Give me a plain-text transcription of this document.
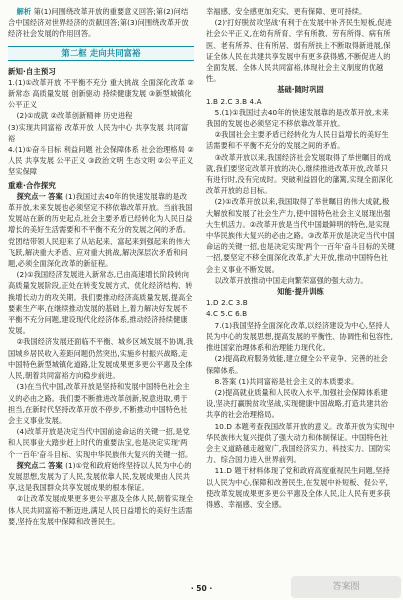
解析 第(1)问围绕改革开放的重要意义回答;第(2)问结合中国经济对世界经济的贡献回答;第(3)问围绕改革开放经济社会发展的作用回答。

第二框 走向共同富裕

新知·自主预习

1.(1)①改革开放 不平衡不充分 重大挑战 全面深化改革 ②新常态 高质量发展 创新驱动 持续健康发展 ③新型城镇化 公平正义

(2)①成就 ②改革创新精神 历史进程

(3)实现共同富裕 改革开放 人民为中心 共享发展 共同富裕

4.(1)①奋斗目标 利益问题 社会保障体系 社会治理格局 ②人民 共享发展 公平正义 ③政治文明 生态文明 ②公平正义 坚实保障

重难·合作探究

探究点一 答案 (1)我国过去40年的快速发展靠的是改革开放,未来发展也必须坚定不移依靠改革开放。当前我国发展站在新的历史起点,社会主要矛盾已经转化为人民日益增长的美好生活需要和不平衡不充分的发展之间的矛盾。党团结带领人民迎来了从站起来、富起来到强起来的伟大飞跃,解决重大矛盾、应对重大挑战,解决深层次矛盾和问题,必须全面深化改革的新征程。

(2)①我国经济发展进入新常态,已由高速增长阶段转向高质量发展阶段,正处在转变发展方式、优化经济结构、转换增长动力的攻关期。我们要推动经济高质量发展,提高全要素生产率,在继续推动发展的基础上,着力解决好发展不平衡不充分问题,建设现代化经济体系,推动经济持续健康发展。

②我国经济发展还面临不平衡、城乡区域发展不协调,我国城乡居民收入差距问题仍然突出,实施乡村振兴战略,走中国特色新型城镇化道路,让发展成果更多更公平惠及全体人民,朝着共同富裕方向稳步前进。

(3)在当代中国,改革开放是坚持和发展中国特色社会主义的必由之路。我们要不断推进改革创新,锐意进取,勇于担当,在新时代坚持改革开放不停步,不断推动中国特色社会主义事业发展。

(4)改革开放是决定当代中国前途命运的关键一招,是党和人民事业大踏步赶上时代的重要法宝,也是决定实现'两个一百年'奋斗目标、实现中华民族伟大复兴的关键一招。

探究点二 答案 (1)①党和政府始终坚持以人民为中心的发展思想,发展为了人民,发展依靠人民,发展成果由人民共享,这是我国群众共享发展成果的根本保证。

②让改革发展成果更多更公平惠及全体人民,朝着实现全体人民共同富裕不断迈进,满足人民日益增长的美好生活需要,坚持在发展中保障和改善民生。

幸福感、安全感更加充实、更有保障、更可持续。

(2)'打好脱贫攻坚战'有利于在发展中补齐民生短板,促进社会公平正义,在幼有所育、学有所教、劳有所得、病有所医、老有所养、住有所居、弱有所扶上不断取得新进展,保证全体人民在共建共享发展中有更多获得感,不断促进人的全面发展、全体人民共同富裕,体现社会主义制度的优越性。

基础·随时巩固

1.B 2.C 3.B 4.A

5.(1)①我国过去40年的快速发展靠的是改革开放,未来我国的发展也必须坚定不移依靠改革开放。

②我国社会主要矛盾已经转化为人民日益增长的美好生活需要和不平衡不充分的发展之间的矛盾。

③改革开放以来,我国经济社会发展取得了举世瞩目的成就,我们要坚定改革开放的决心,继续推进改革开放,改革只有进行时,没有完成时。突破利益固化的藩篱,实现全面深化改革开放的总目标。

(2)①改革开放以来,我国取得了举世瞩目的伟大成就,极大解放和发展了社会生产力,使中国特色社会主义展现出强大生机活力。②改革开放是当代中国最鲜明的特色,是实现中华民族伟大复兴的必由之路。③改革开放是决定当代中国命运的关键一招,也是决定实现'两个一百年'奋斗目标的关键一招,要坚定不移全面深化改革,扩大开放,推动中国特色社会主义事业不断发展。

以改革开放推动中国走向繁荣富强的强大动力。

知能·提升训练

1.D 2.C 3.B

4.C 5.C 6.B

7.(1)我国坚持全面深化改革,以经济建设为中心,坚持人民为中心的发展思想,提高发展的平衡性、协调性和包容性,推进国家治理体系和治理能力现代化。

(2)提高政府服务效能,建立健全公平竞争、完善的社会保障体系。

8.答案 (1)共同富裕是社会主义的本质要求。

(2)提高就业质量和人民收入水平,加强社会保障体系建设,坚决打赢脱贫攻坚战,实现健康中国战略,打造共建共治共享的社会治理格局。

10.D 本题考查我国改革开放的意义。改革开放为实现中华民族伟大复兴提供了强大动力和体制保证。中国特色社会主义道路越走越宽广,我国经济实力、科技实力、国防实力、综合国力进入世界前列。

11.D 题干材料体现了党和政府高度重视民生问题,坚持以人民为中心,保障和改善民生,在发展中补短板、促公平,使改革发展成果更多更公平惠及全体人民,让人民有更多获得感、幸福感、安全感。

· 50 ·	答案圈
